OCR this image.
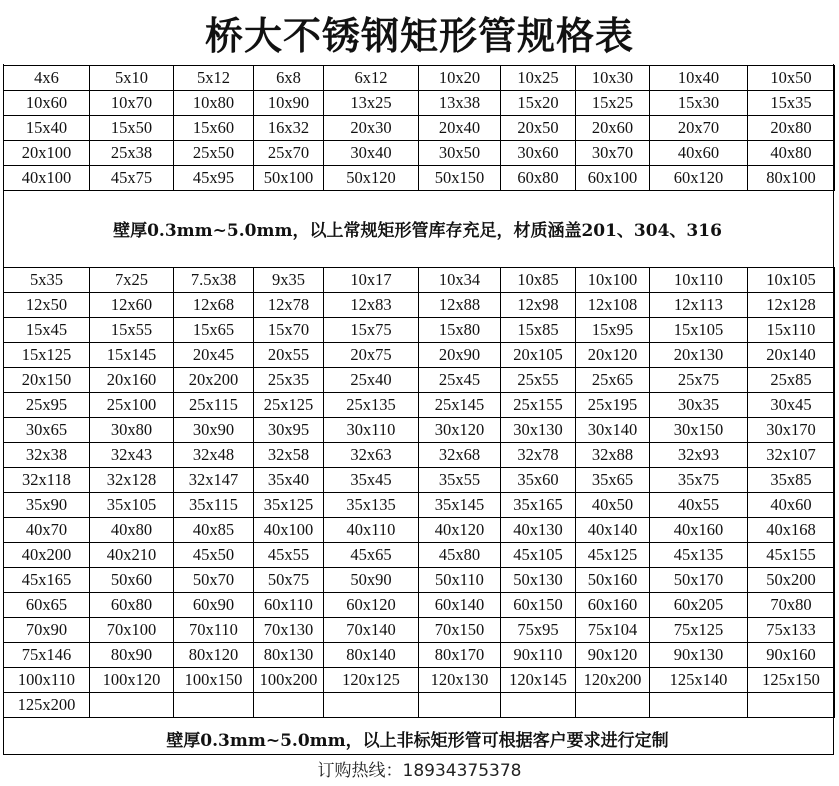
桥大不锈钢矩形管规格表
4x6	5x10	5x12	6x8	6x12	10x20	10x25	10x30	10x40	10x50
10x60	10x70	10x80	10x90	13x25	13x38	15x20	15x25	15x30	15x35
15x40	15x50	15x60	16x32	20x30	20x40	20x50	20x60	20x70	20x80
20x100	25x38	25x50	25x70	30x40	30x50	30x60	30x70	40x60	40x80
40x100	45x75	45x95	50x100	50x120	50x150	60x80	60x100	60x120	80x100
壁厚0.3mm~5.0mm，以上常规矩形管库存充足，材质涵盖201、304、316
5x35	7x25	7.5x38	9x35	10x17	10x34	10x85	10x100	10x110	10x105
12x50	12x60	12x68	12x78	12x83	12x88	12x98	12x108	12x113	12x128
15x45	15x55	15x65	15x70	15x75	15x80	15x85	15x95	15x105	15x110
15x125	15x145	20x45	20x55	20x75	20x90	20x105	20x120	20x130	20x140
20x150	20x160	20x200	25x35	25x40	25x45	25x55	25x65	25x75	25x85
25x95	25x100	25x115	25x125	25x135	25x145	25x155	25x195	30x35	30x45
30x65	30x80	30x90	30x95	30x110	30x120	30x130	30x140	30x150	30x170
32x38	32x43	32x48	32x58	32x63	32x68	32x78	32x88	32x93	32x107
32x118	32x128	32x147	35x40	35x45	35x55	35x60	35x65	35x75	35x85
35x90	35x105	35x115	35x125	35x135	35x145	35x165	40x50	40x55	40x60
40x70	40x80	40x85	40x100	40x110	40x120	40x130	40x140	40x160	40x168
40x200	40x210	45x50	45x55	45x65	45x80	45x105	45x125	45x135	45x155
45x165	50x60	50x70	50x75	50x90	50x110	50x130	50x160	50x170	50x200
60x65	60x80	60x90	60x110	60x120	60x140	60x150	60x160	60x205	70x80
70x90	70x100	70x110	70x130	70x140	70x150	75x95	75x104	75x125	75x133
75x146	80x90	80x120	80x130	80x140	80x170	90x110	90x120	90x130	90x160
100x110	100x120	100x150	100x200	120x125	120x130	120x145	120x200	125x140	125x150
125x200									
壁厚0.3mm~5.0mm，以上非标矩形管可根据客户要求进行定制
订购热线：18934375378
